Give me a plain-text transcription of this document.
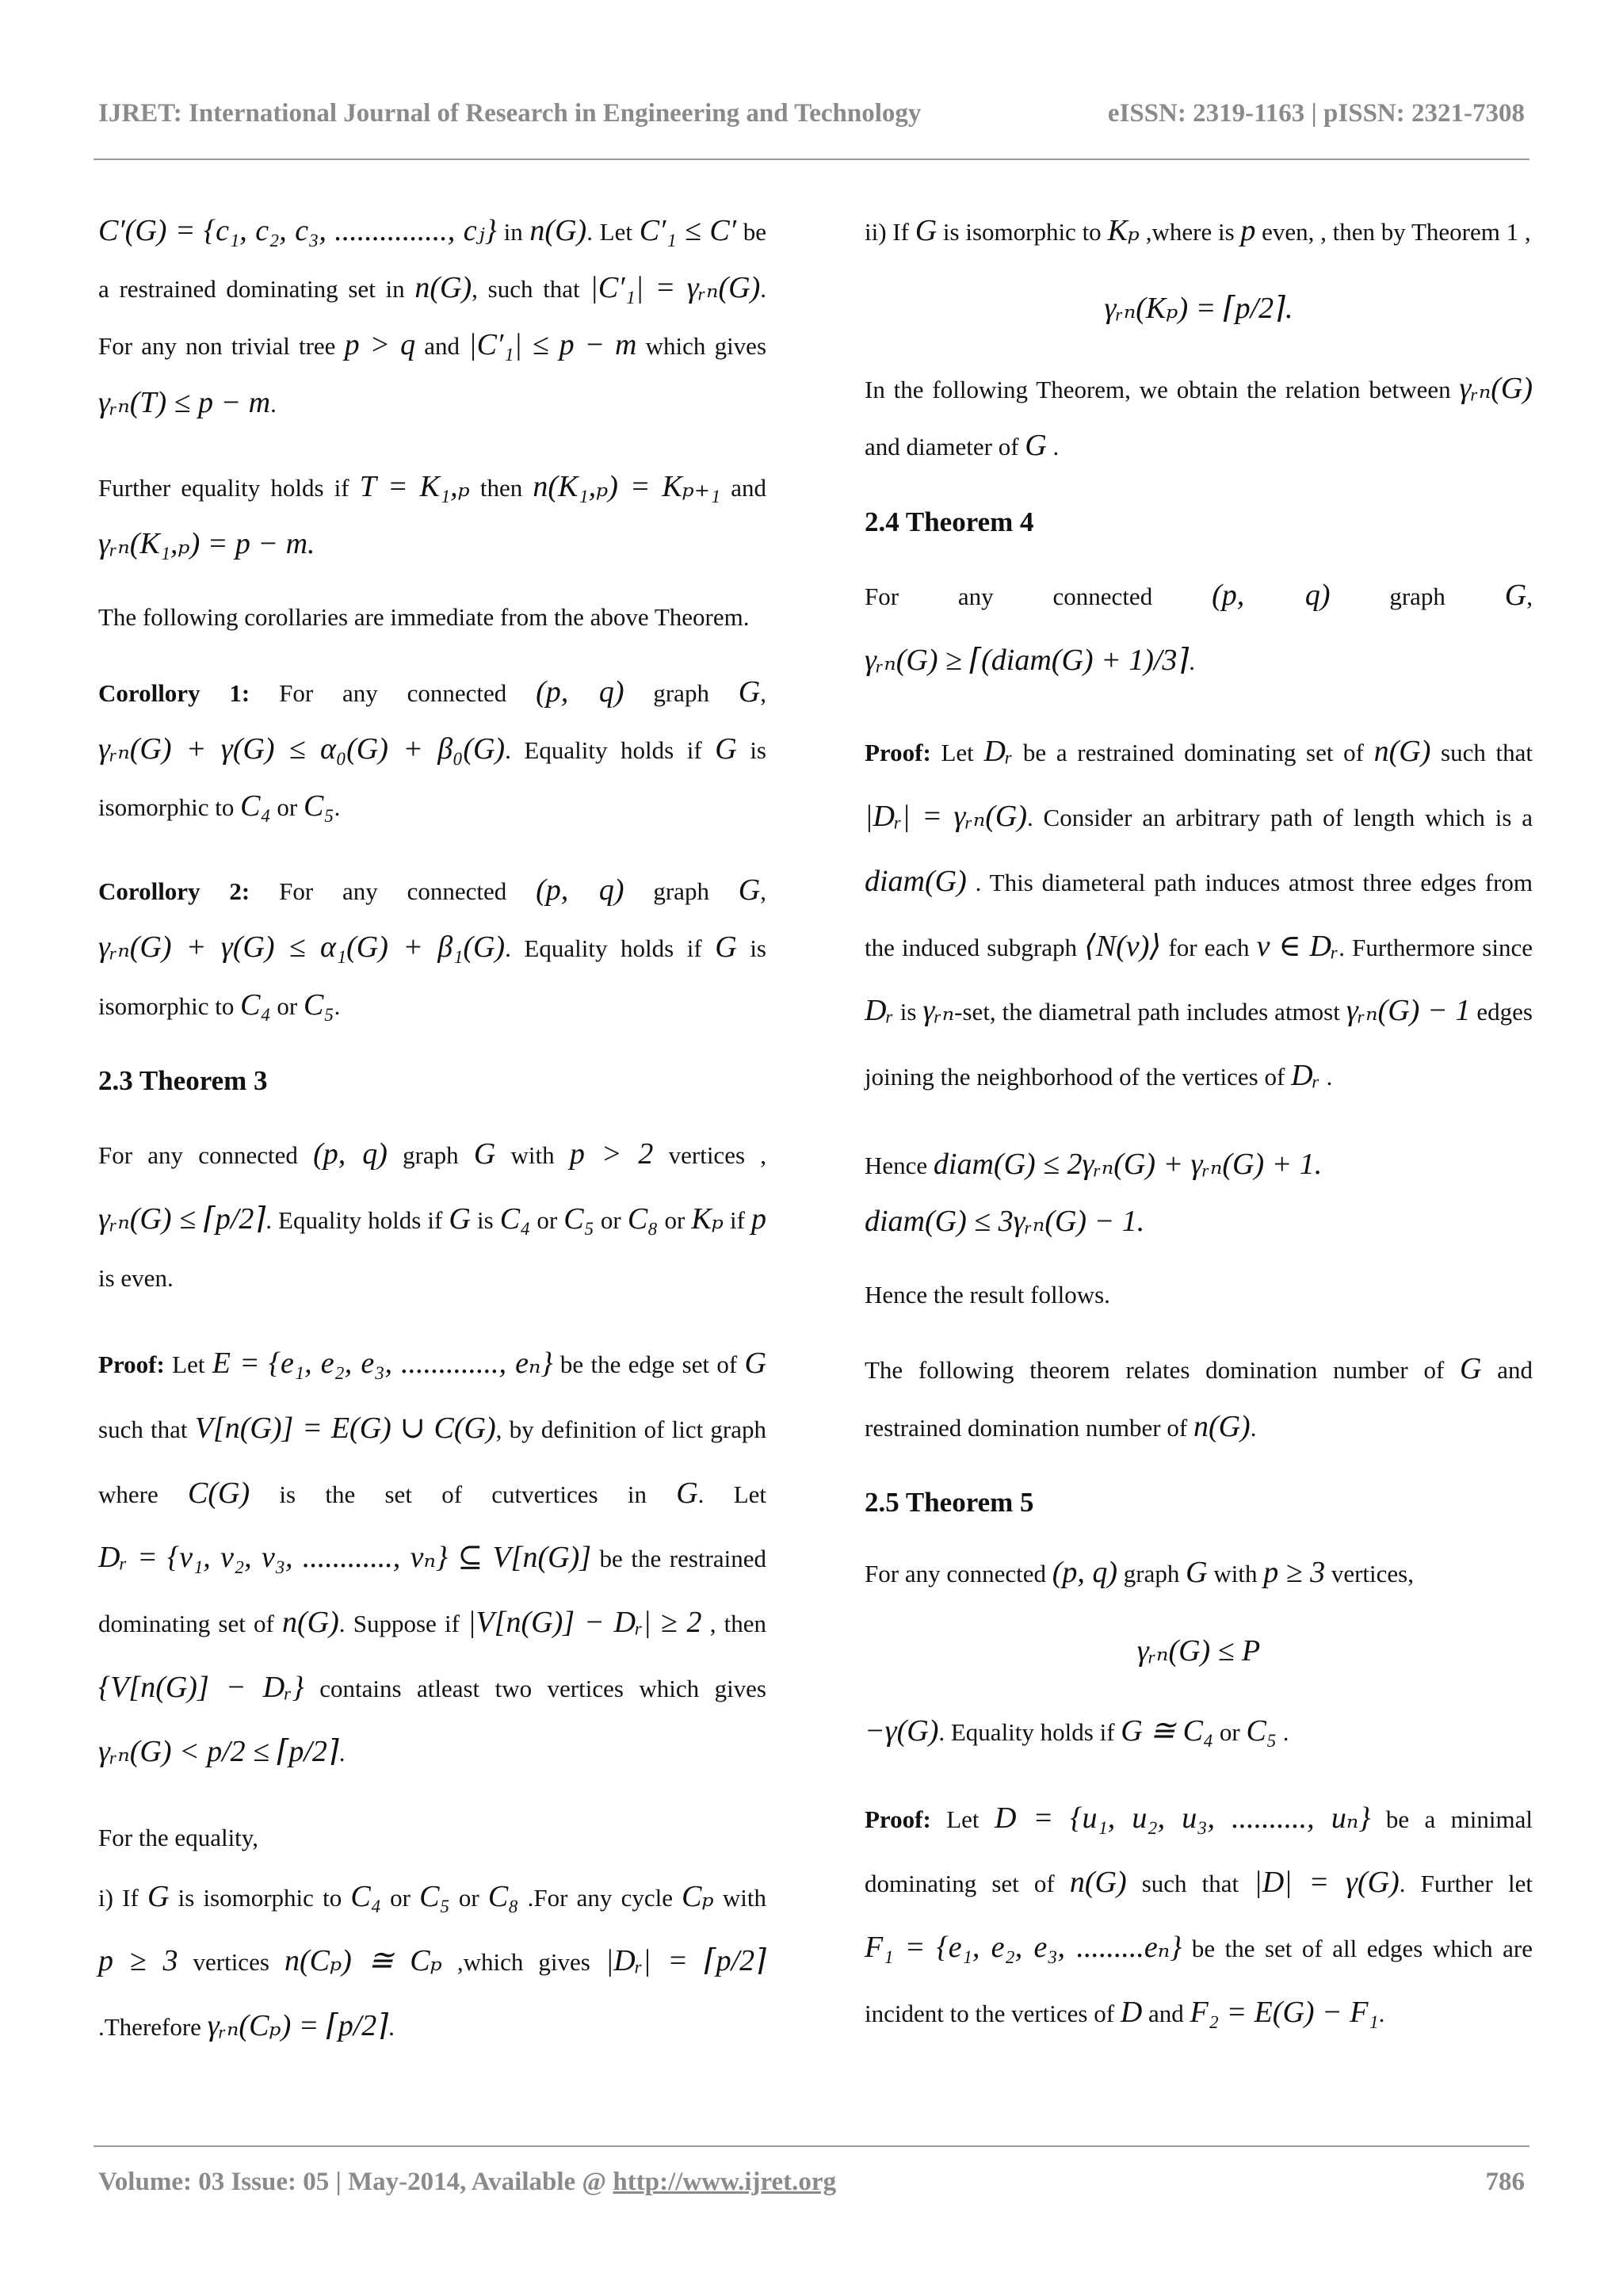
IJRET: International Journal of Research in Engineering and Technology	eISSN: 2319-1163 | pISSN: 2321-7308

C′(G) = {c₁, c₂, c₃, ..............., cⱼ} in n(G). Let C′₁ ≤ C′ be a restrained dominating set in n(G), such that |C′₁| = γᵣₙ(G). For any non trivial tree p > q and |C′₁| ≤ p − m which gives γᵣₙ(T) ≤ p − m.

Further equality holds if T = K₁,ₚ then n(K₁,ₚ) = Kₚ₊₁ and γᵣₙ(K₁,ₚ) = p − m.

The following corollaries are immediate from the above Theorem.

Corollory 1: For any connected (p, q) graph G, γᵣₙ(G) + γ(G) ≤ α₀(G) + β₀(G). Equality holds if G is isomorphic to C₄ or C₅.

Corollory 2: For any connected (p, q) graph G, γᵣₙ(G) + γ(G) ≤ α₁(G) + β₁(G). Equality holds if G is isomorphic to C₄ or C₅.

2.3 Theorem 3

For any connected (p, q) graph G with p > 2 vertices , γᵣₙ(G) ≤ ⌈p/2⌉. Equality holds if G is C₄ or C₅ or C₈ or Kₚ if p is even.

Proof: Let E = {e₁, e₂, e₃, ............., eₙ} be the edge set of G such that V[n(G)] = E(G) ∪ C(G), by definition of lict graph where C(G) is the set of cutvertices in G. Let Dᵣ = {v₁, v₂, v₃, ............, vₙ} ⊆ V[n(G)] be the restrained dominating set of n(G). Suppose if |V[n(G)] − Dᵣ| ≥ 2 , then {V[n(G)] − Dᵣ} contains atleast two vertices which gives γᵣₙ(G) < p/2 ≤ ⌈p/2⌉.

For the equality,
i) If G is isomorphic to C₄ or C₅ or C₈ .For any cycle Cₚ with p ≥ 3 vertices n(Cₚ) ≅ Cₚ ,which gives |Dᵣ| = ⌈p/2⌉ .Therefore γᵣₙ(Cₚ) = ⌈p/2⌉.

ii) If G is isomorphic to Kₚ ,where is p even, , then by Theorem 1 ,

γᵣₙ(Kₚ) = ⌈p/2⌉.

In the following Theorem, we obtain the relation between γᵣₙ(G) and diameter of G .

2.4 Theorem 4

For any connected (p, q) graph G, γᵣₙ(G) ≥ ⌈(diam(G) + 1)/3⌉.

Proof: Let Dᵣ be a restrained dominating set of n(G) such that |Dᵣ| = γᵣₙ(G). Consider an arbitrary path of length which is a diam(G) . This diameteral path induces atmost three edges from the induced subgraph ⟨N(v)⟩ for each v ∈ Dᵣ. Furthermore since Dᵣ is γᵣₙ-set, the diametral path includes atmost γᵣₙ(G) − 1 edges joining the neighborhood of the vertices of Dᵣ .

Hence diam(G) ≤ 2γᵣₙ(G) + γᵣₙ(G) + 1.
diam(G) ≤ 3γᵣₙ(G) − 1.

Hence the result follows.

The following theorem relates domination number of G and restrained domination number of n(G).

2.5 Theorem 5

For any connected (p, q) graph G with p ≥ 3 vertices,

γᵣₙ(G) ≤ P

−γ(G). Equality holds if G ≅ C₄ or C₅ .

Proof: Let D = {u₁, u₂, u₃, .........., uₙ} be a minimal dominating set of n(G) such that |D| = γ(G). Further let F₁ = {e₁, e₂, e₃, .........eₙ} be the set of all edges which are incident to the vertices of D and F₂ = E(G) − F₁.

Volume: 03 Issue: 05 | May-2014, Available @ http://www.ijret.org	786
